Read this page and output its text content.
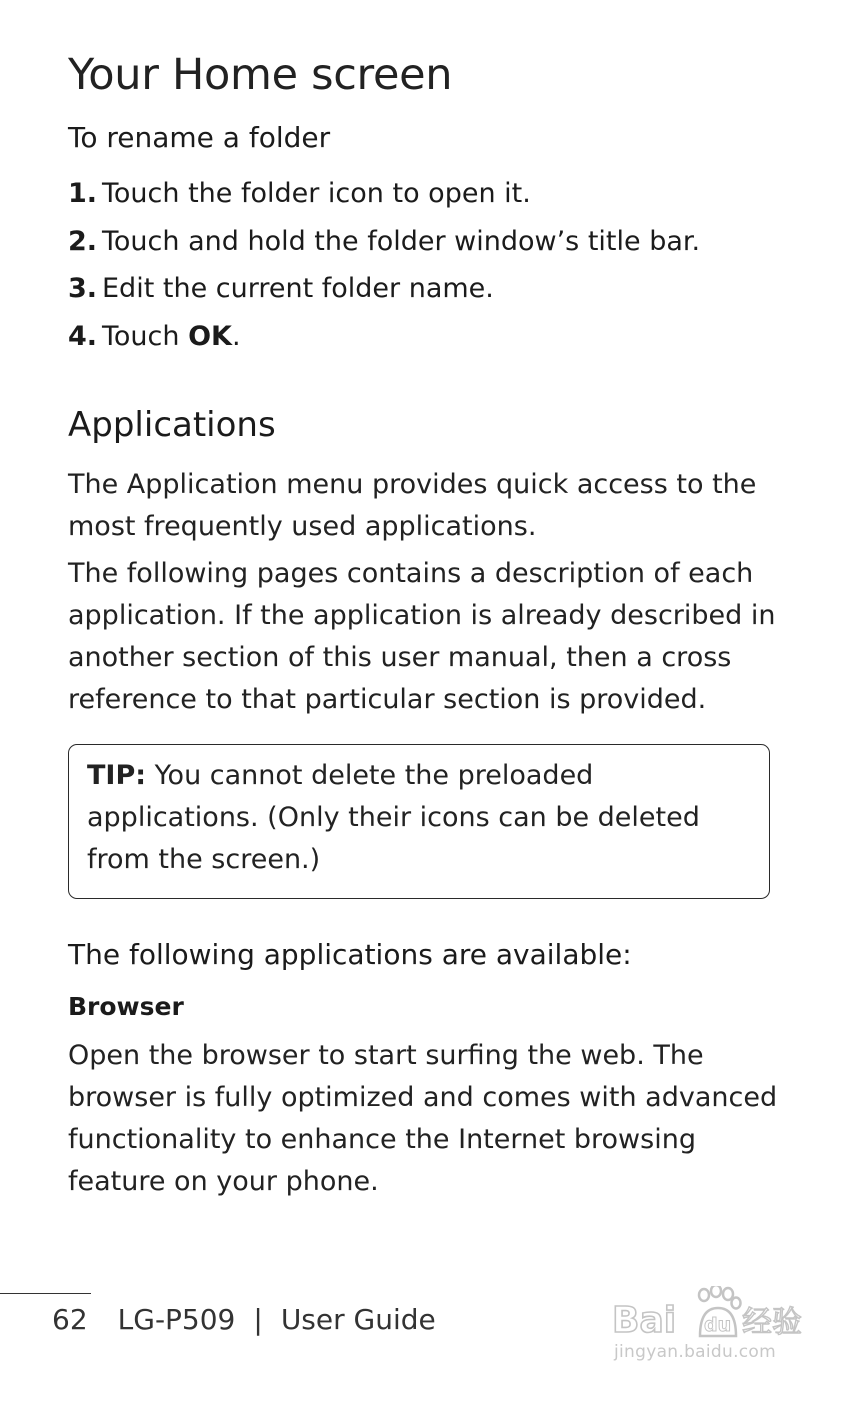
Your Home screen
To rename a folder
1. Touch the folder icon to open it.
2. Touch and hold the folder window’s title bar.
3. Edit the current folder name.
4. Touch OK.
Applications

The Application menu provides quick access to the most frequently used applications.

The following pages contains a description of each application. If the application is already described in another section of this user manual, then a cross reference to that particular section is provided.

TIP: You cannot delete the preloaded applications. (Only their icons can be deleted from the screen.)

The following applications are available:
Browser

Open the browser to start surfing the web. The browser is fully optimized and comes with advanced functionality to enhance the Internet browsing feature on your phone.

62 LG-P509 | User Guide	Bai du 经验
jingyan.baidu.com
